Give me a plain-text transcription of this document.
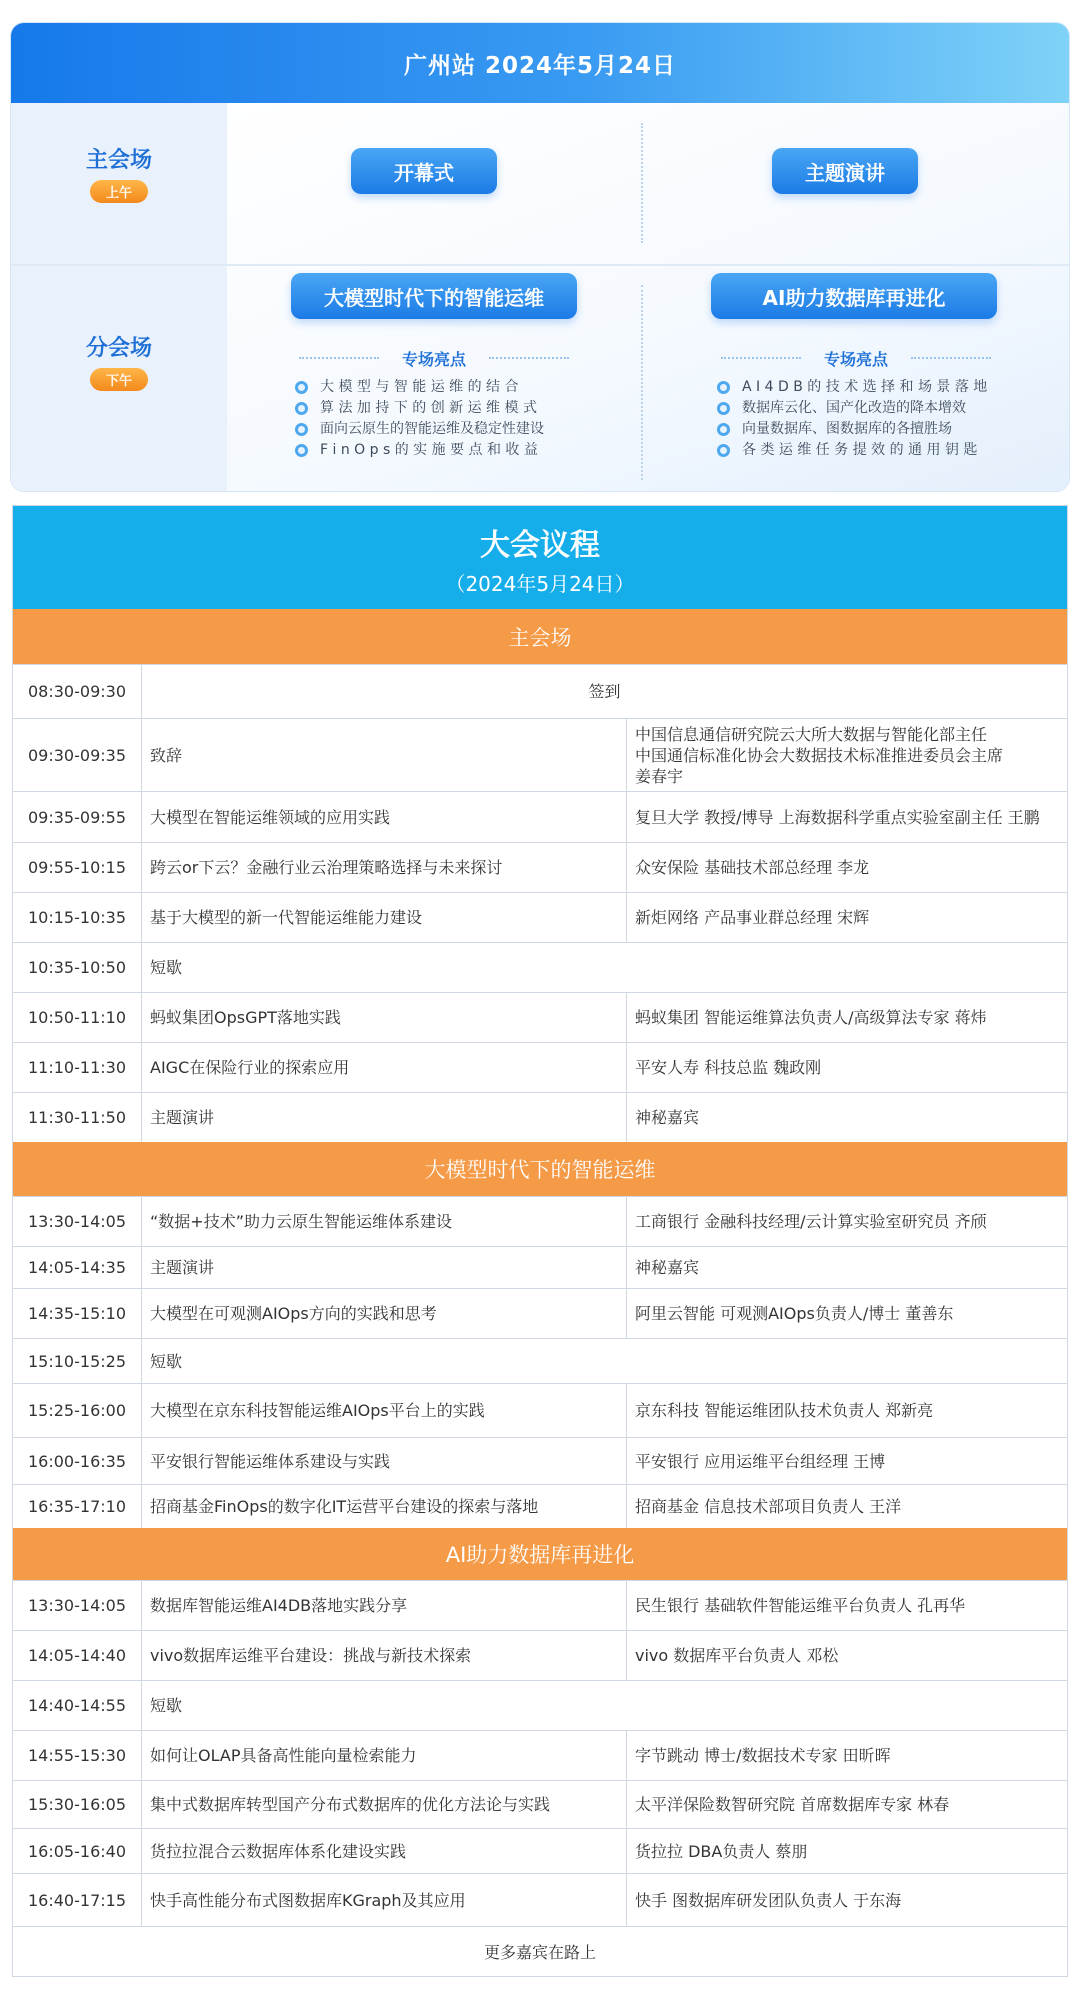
广州站 2024年5月24日
主会场
上午
分会场
下午
开幕式	主题演讲
大模型时代下的智能运维	AI助力数据库再进化
专场亮点	专场亮点
大 模 型 与 智 能 运 维 的 结 合
算 法 加 持 下 的 创 新 运 维 模 式
面向云原生的智能运维及稳定性建设
F i n O p s 的 实 施 要 点 和 收 益
A I 4 D B 的 技 术 选 择 和 场 景 落 地
数据库云化、国产化改造的降本增效
向量数据库、图数据库的各擅胜场
各 类 运 维 任 务 提 效 的 通 用 钥 匙
大会议程
（2024年5月24日）
主会场
08:30-09:30	签到
09:30-09:35	致辞
中国信息通信研究院云大所大数据与智能化部主任
中国通信标准化协会大数据技术标准推进委员会主席
姜春宇
09:35-09:55	大模型在智能运维领域的应用实践	复旦大学 教授/博导 上海数据科学重点实验室副主任 王鹏
09:55-10:15	跨云or下云？金融行业云治理策略选择与未来探讨	众安保险 基础技术部总经理 李龙
10:15-10:35	基于大模型的新一代智能运维能力建设	新炬网络 产品事业群总经理 宋辉
10:35-10:50	短歇
10:50-11:10	蚂蚁集团OpsGPT落地实践	蚂蚁集团 智能运维算法负责人/高级算法专家 蒋炜
11:10-11:30	AIGC在保险行业的探索应用	平安人寿 科技总监 魏政刚
11:30-11:50	主题演讲	神秘嘉宾
大模型时代下的智能运维
13:30-14:05	“数据+技术”助力云原生智能运维体系建设	工商银行 金融科技经理/云计算实验室研究员 齐颀
14:05-14:35	主题演讲	神秘嘉宾
14:35-15:10	大模型在可观测AIOps方向的实践和思考	阿里云智能 可观测AIOps负责人/博士 董善东
15:10-15:25	短歇
15:25-16:00	大模型在京东科技智能运维AIOps平台上的实践	京东科技 智能运维团队技术负责人 郑新亮
16:00-16:35	平安银行智能运维体系建设与实践	平安银行 应用运维平台组经理 王博
16:35-17:10	招商基金FinOps的数字化IT运营平台建设的探索与落地	招商基金 信息技术部项目负责人 王洋
AI助力数据库再进化
13:30-14:05	数据库智能运维AI4DB落地实践分享	民生银行 基础软件智能运维平台负责人 孔再华
14:05-14:40	vivo数据库运维平台建设：挑战与新技术探索	vivo 数据库平台负责人 邓松
14:40-14:55	短歇
14:55-15:30	如何让OLAP具备高性能向量检索能力	字节跳动 博士/数据技术专家 田昕晖
15:30-16:05	集中式数据库转型国产分布式数据库的优化方法论与实践	太平洋保险数智研究院 首席数据库专家 林春
16:05-16:40	货拉拉混合云数据库体系化建设实践	货拉拉 DBA负责人 蔡朋
16:40-17:15	快手高性能分布式图数据库KGraph及其应用	快手 图数据库研发团队负责人 于东海
更多嘉宾在路上
